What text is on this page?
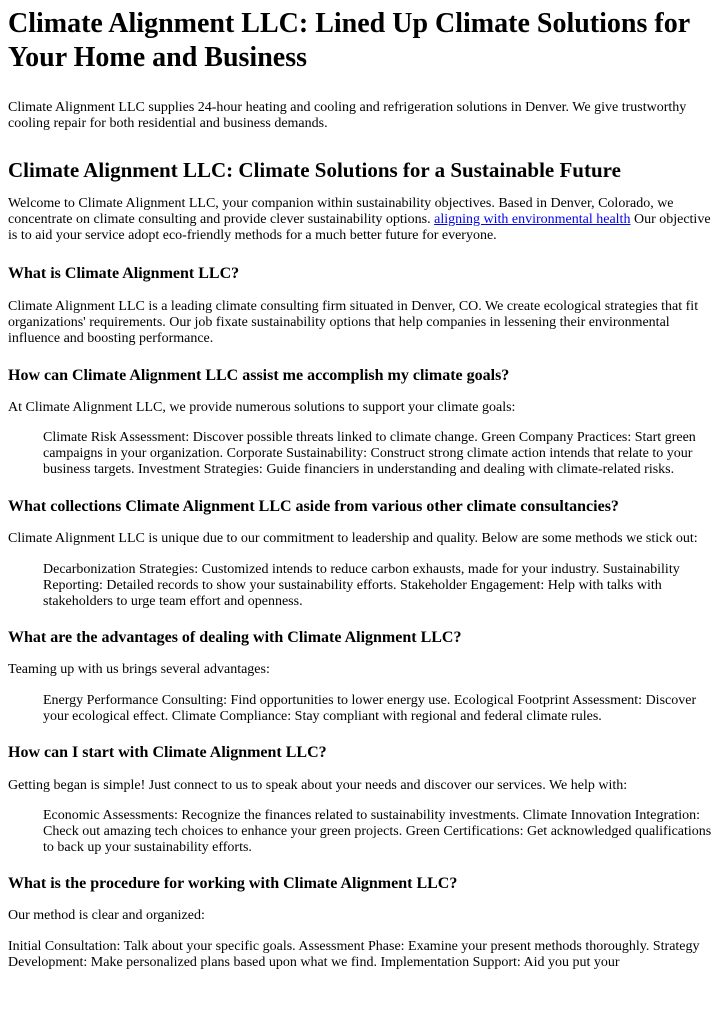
Climate Alignment LLC: Lined Up Climate Solutions for Your Home and Business

Climate Alignment LLC supplies 24-hour heating and cooling and refrigeration solutions in Denver. We give trustworthy cooling repair for both residential and business demands.

Climate Alignment LLC: Climate Solutions for a Sustainable Future

Welcome to Climate Alignment LLC, your companion within sustainability objectives. Based in Denver, Colorado, we concentrate on climate consulting and provide clever sustainability options. aligning with environmental health Our objective is to aid your service adopt eco-friendly methods for a much better future for everyone.

What is Climate Alignment LLC?

Climate Alignment LLC is a leading climate consulting firm situated in Denver, CO. We create ecological strategies that fit organizations' requirements. Our job fixate sustainability options that help companies in lessening their environmental influence and boosting performance.

How can Climate Alignment LLC assist me accomplish my climate goals?

At Climate Alignment LLC, we provide numerous solutions to support your climate goals:

Climate Risk Assessment: Discover possible threats linked to climate change. Green Company Practices: Start green campaigns in your organization. Corporate Sustainability: Construct strong climate action intends that relate to your business targets. Investment Strategies: Guide financiers in understanding and dealing with climate-related risks.
What collections Climate Alignment LLC aside from various other climate consultancies?

Climate Alignment LLC is unique due to our commitment to leadership and quality. Below are some methods we stick out:

Decarbonization Strategies: Customized intends to reduce carbon exhausts, made for your industry. Sustainability Reporting: Detailed records to show your sustainability efforts. Stakeholder Engagement: Help with talks with stakeholders to urge team effort and openness.
What are the advantages of dealing with Climate Alignment LLC?

Teaming up with us brings several advantages:

Energy Performance Consulting: Find opportunities to lower energy use. Ecological Footprint Assessment: Discover your ecological effect. Climate Compliance: Stay compliant with regional and federal climate rules.
How can I start with Climate Alignment LLC?

Getting began is simple! Just connect to us to speak about your needs and discover our services. We help with:

Economic Assessments: Recognize the finances related to sustainability investments. Climate Innovation Integration: Check out amazing tech choices to enhance your green projects. Green Certifications: Get acknowledged qualifications to back up your sustainability efforts.
What is the procedure for working with Climate Alignment LLC?

Our method is clear and organized:

Initial Consultation: Talk about your specific goals. Assessment Phase: Examine your present methods thoroughly. Strategy Development: Make personalized plans based upon what we find. Implementation Support: Aid you put your
